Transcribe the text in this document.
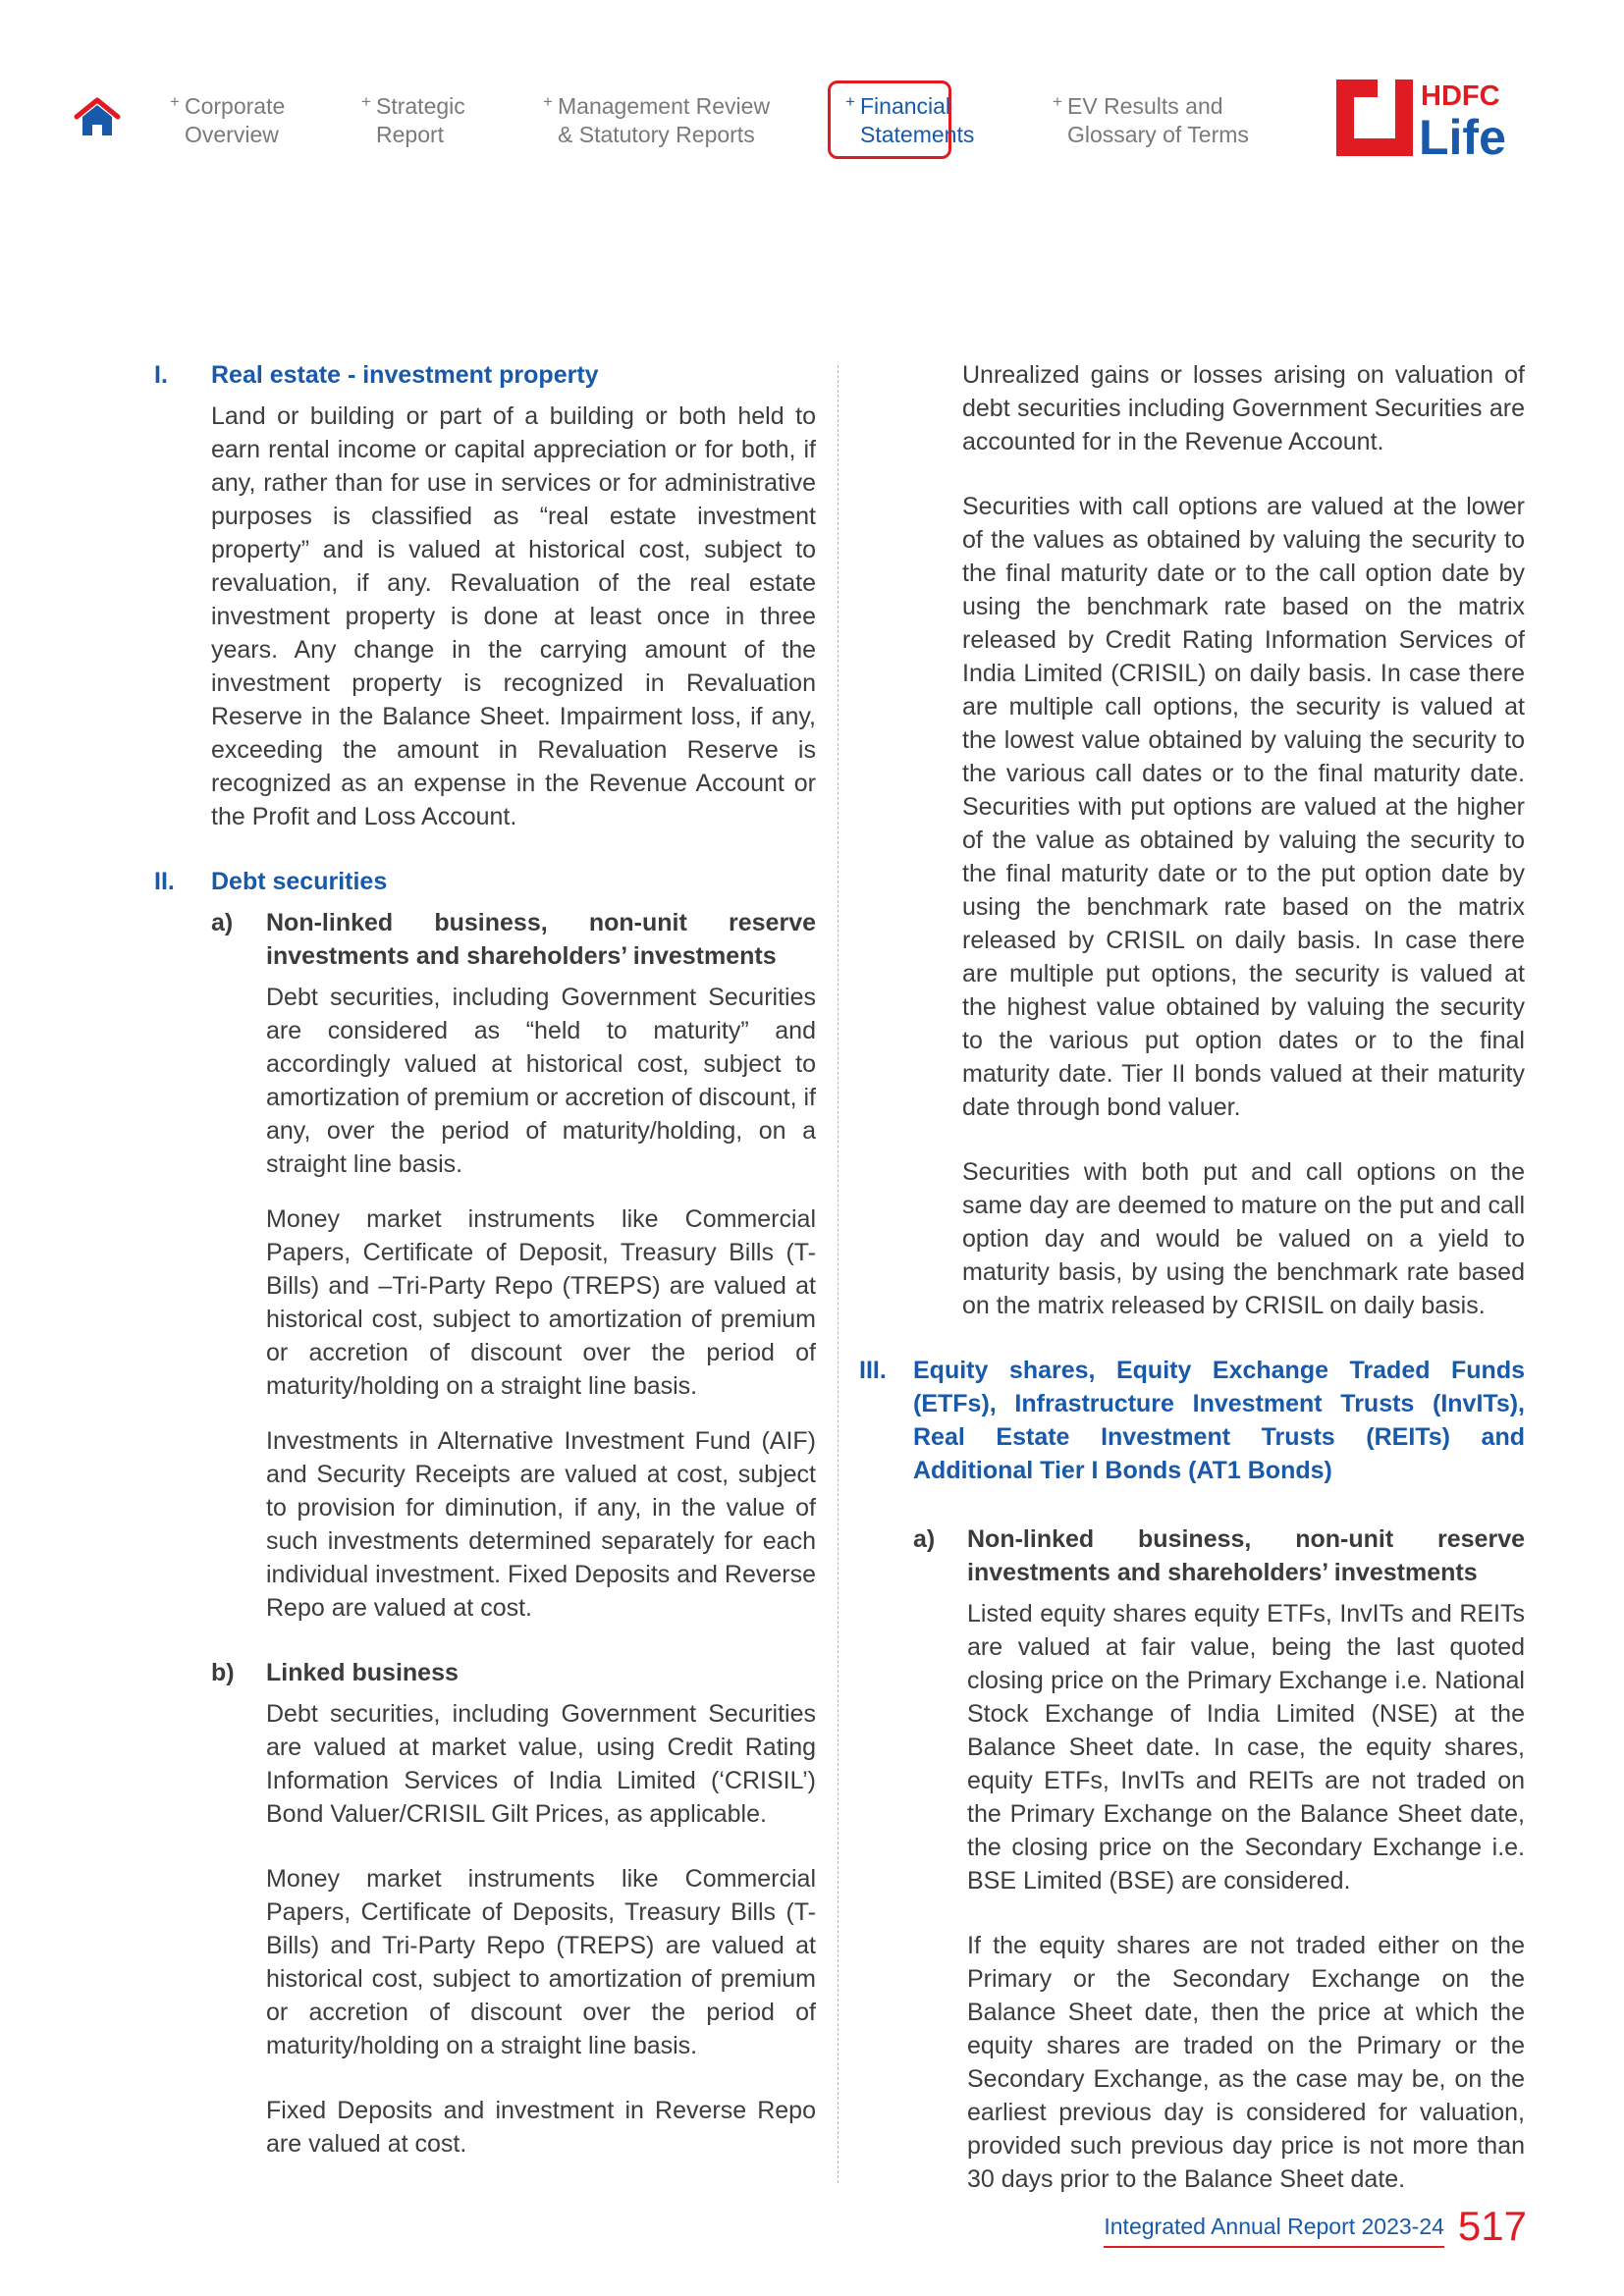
+ Corporate
Overview
+ Strategic
Report
+ Management Review
& Statutory Reports
+ Financial
Statements
+ EV Results and
Glossary of Terms
HDFC
Life
I. Real estate - investment property

Land or building or part of a building or both held to earn rental income or capital appreciation or for both, if any, rather than for use in services or for administrative purposes is classified as “real estate investment property” and is valued at historical cost, subject to revaluation, if any. Revaluation of the real estate investment property is done at least once in three years. Any change in the carrying amount of the investment property is recognized in Revaluation Reserve in the Balance Sheet. Impairment loss, if any, exceeding the amount in Revaluation Reserve is recognized as an expense in the Revenue Account or the Profit and Loss Account.

II. Debt securities
a) Non-linked business, non-unit reserve investments and shareholders’ investments

Debt securities, including Government Securities are considered as “held to maturity” and accordingly valued at historical cost, subject to amortization of premium or accretion of discount, if any, over the period of maturity/holding, on a straight line basis.

Money market instruments like Commercial Papers, Certificate of Deposit, Treasury Bills (T-Bills) and –Tri-Party Repo (TREPS) are valued at historical cost, subject to amortization of premium or accretion of discount over the period of maturity/holding on a straight line basis.

Investments in Alternative Investment Fund (AIF) and Security Receipts are valued at cost, subject to provision for diminution, if any, in the value of such investments determined separately for each individual investment. Fixed Deposits and Reverse Repo are valued at cost.

b) Linked business

Debt securities, including Government Securities are valued at market value, using Credit Rating Information Services of India Limited (‘CRISIL’) Bond Valuer/CRISIL Gilt Prices, as applicable.

Money market instruments like Commercial Papers, Certificate of Deposits, Treasury Bills (T-Bills) and Tri-Party Repo (TREPS) are valued at historical cost, subject to amortization of premium or accretion of discount over the period of maturity/holding on a straight line basis.

Fixed Deposits and investment in Reverse Repo are valued at cost.

Unrealized gains or losses arising on valuation of debt securities including Government Securities are accounted for in the Revenue Account.

Securities with call options are valued at the lower of the values as obtained by valuing the security to the final maturity date or to the call option date by using the benchmark rate based on the matrix released by Credit Rating Information Services of India Limited (CRISIL) on daily basis. In case there are multiple call options, the security is valued at the lowest value obtained by valuing the security to the various call dates or to the final maturity date. Securities with put options are valued at the higher of the value as obtained by valuing the security to the final maturity date or to the put option date by using the benchmark rate based on the matrix released by CRISIL on daily basis. In case there are multiple put options, the security is valued at the highest value obtained by valuing the security to the various put option dates or to the final maturity date. Tier II bonds valued at their maturity date through bond valuer.

Securities with both put and call options on the same day are deemed to mature on the put and call option day and would be valued on a yield to maturity basis, by using the benchmark rate based on the matrix released by CRISIL on daily basis.

III. Equity shares, Equity Exchange Traded Funds (ETFs), Infrastructure Investment Trusts (InvITs), Real Estate Investment Trusts (REITs) and Additional Tier I Bonds (AT1 Bonds)
a) Non-linked business, non-unit reserve investments and shareholders’ investments

Listed equity shares equity ETFs, InvITs and REITs are valued at fair value, being the last quoted closing price on the Primary Exchange i.e. National Stock Exchange of India Limited (NSE) at the Balance Sheet date. In case, the equity shares, equity ETFs, InvITs and REITs are not traded on the Primary Exchange on the Balance Sheet date, the closing price on the Secondary Exchange i.e. BSE Limited (BSE) are considered.

If the equity shares are not traded either on the Primary or the Secondary Exchange on the Balance Sheet date, then the price at which the equity shares are traded on the Primary or the Secondary Exchange, as the case may be, on the earliest previous day is considered for valuation, provided such previous day price is not more than 30 days prior to the Balance Sheet date.

Integrated Annual Report 2023-24 517
